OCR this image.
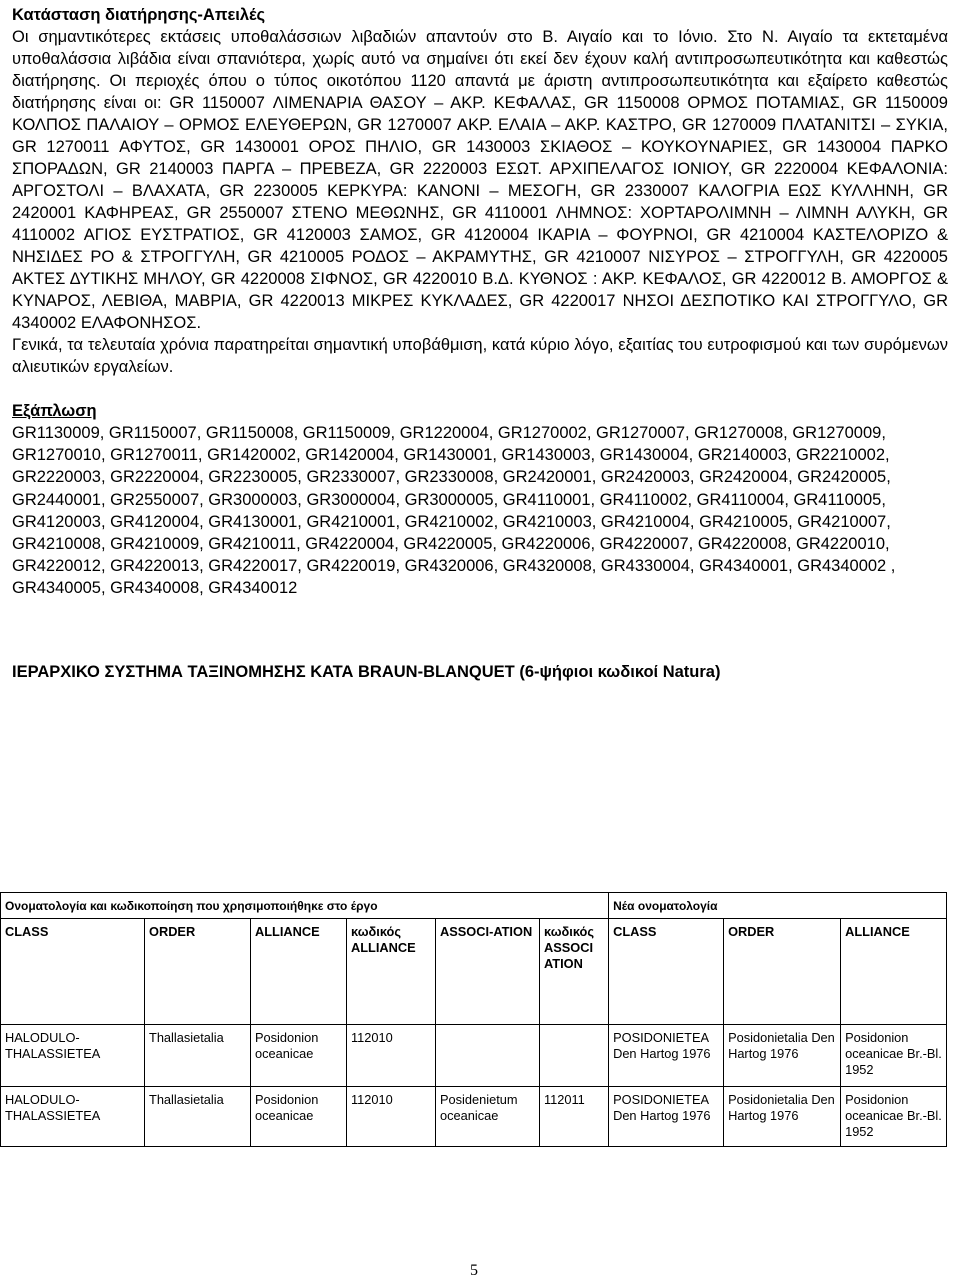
Κατάσταση διατήρησης-Απειλές

Οι σημαντικότερες εκτάσεις υποθαλάσσιων λιβαδιών απαντούν στο Β. Αιγαίο και το Ιόνιο. Στο Ν. Αιγαίο τα εκτεταμένα υποθαλάσσια λιβάδια είναι σπανιότερα, χωρίς αυτό να σημαίνει ότι εκεί δεν έχουν καλή αντιπροσωπευτικότητα και καθεστώς διατήρησης. Οι περιοχές όπου ο τύπος οικοτόπου 1120 απαντά με άριστη αντιπροσωπευτικότητα και εξαίρετο καθεστώς διατήρησης είναι οι: GR 1150007 ΛΙΜΕΝΑΡΙΑ ΘΑΣΟΥ – ΑΚΡ. ΚΕΦΑΛΑΣ, GR 1150008 ΟΡΜΟΣ ΠΟΤΑΜΙΑΣ, GR 1150009 ΚΟΛΠΟΣ ΠΑΛΑΙΟΥ – ΟΡΜΟΣ ΕΛΕΥΘΕΡΩΝ, GR 1270007 ΑΚΡ. ΕΛΑΙΑ – ΑΚΡ. ΚΑΣΤΡΟ, GR 1270009 ΠΛΑΤΑΝΙΤΣΙ – ΣΥΚΙΑ, GR 1270011 ΑΦΥΤΟΣ, GR 1430001 ΟΡΟΣ ΠΗΛΙΟ, GR 1430003 ΣΚΙΑΘΟΣ – ΚΟΥΚΟΥΝΑΡΙΕΣ, GR 1430004 ΠΑΡΚΟ ΣΠΟΡΑΔΩΝ, GR 2140003 ΠΑΡΓΑ – ΠΡΕΒΕΖΑ, GR 2220003 ΕΣΩΤ. ΑΡΧΙΠΕΛΑΓΟΣ ΙΟΝΙΟΥ, GR 2220004 ΚΕΦΑΛΟΝΙΑ: ΑΡΓΟΣΤΟΛΙ – ΒΛΑΧΑΤΑ, GR 2230005 ΚΕΡΚΥΡΑ: ΚΑΝΟΝΙ – ΜΕΣΟΓΗ, GR 2330007 ΚΑΛΟΓΡΙΑ ΕΩΣ ΚΥΛΛΗΝΗ, GR 2420001 ΚΑΦΗΡΕΑΣ, GR 2550007 ΣΤΕΝΟ ΜΕΘΩΝΗΣ, GR 4110001 ΛΗΜΝΟΣ: ΧΟΡΤΑΡΟΛΙΜΝΗ – ΛΙΜΝΗ ΑΛΥΚΗ, GR 4110002 ΑΓΙΟΣ ΕΥΣΤΡΑΤΙΟΣ, GR 4120003 ΣΑΜΟΣ, GR 4120004 ΙΚΑΡΙΑ – ΦΟΥΡΝΟΙ, GR 4210004 ΚΑΣΤΕΛΟΡΙΖΟ & ΝΗΣΙΔΕΣ ΡΟ & ΣΤΡΟΓΓΥΛΗ, GR 4210005 ΡΟΔΟΣ – ΑΚΡΑΜΥΤΗΣ, GR 4210007 ΝΙΣΥΡΟΣ – ΣΤΡΟΓΓΥΛΗ, GR 4220005 ΑΚΤΕΣ ΔΥΤΙΚΗΣ ΜΗΛΟΥ, GR 4220008 ΣΙΦΝΟΣ, GR 4220010 Β.Δ. ΚΥΘΝΟΣ : ΑΚΡ. ΚΕΦΑΛΟΣ, GR 4220012 Β. ΑΜΟΡΓΟΣ & ΚΥΝΑΡΟΣ, ΛΕΒΙΘΑ, ΜΑΒΡΙΑ, GR 4220013 ΜΙΚΡΕΣ ΚΥΚΛΑΔΕΣ, GR 4220017 ΝΗΣΟΙ ΔΕΣΠΟΤΙΚΟ ΚΑΙ ΣΤΡΟΓΓΥΛΟ, GR 4340002 ΕΛΑΦΟΝΗΣΟΣ.

Γενικά, τα τελευταία χρόνια παρατηρείται σημαντική υποβάθμιση, κατά κύριο λόγο, εξαιτίας του ευτροφισμού και των συρόμενων αλιευτικών εργαλείων.

Εξάπλωση

GR1130009, GR1150007, GR1150008, GR1150009, GR1220004, GR1270002, GR1270007, GR1270008, GR1270009, GR1270010, GR1270011, GR1420002, GR1420004, GR1430001, GR1430003, GR1430004, GR2140003, GR2210002, GR2220003, GR2220004, GR2230005, GR2330007, GR2330008, GR2420001, GR2420003, GR2420004, GR2420005, GR2440001, GR2550007, GR3000003, GR3000004, GR3000005, GR4110001, GR4110002, GR4110004, GR4110005, GR4120003, GR4120004, GR4130001, GR4210001, GR4210002, GR4210003, GR4210004, GR4210005, GR4210007, GR4210008, GR4210009, GR4210011, GR4220004, GR4220005, GR4220006, GR4220007, GR4220008, GR4220010, GR4220012, GR4220013, GR4220017, GR4220019, GR4320006, GR4320008, GR4330004, GR4340001, GR4340002 , GR4340005, GR4340008, GR4340012

ΙΕΡΑΡΧΙΚΟ ΣΥΣΤΗΜΑ ΤΑΞΙΝΟΜΗΣΗΣ ΚΑΤΑ BRAUN-BLANQUET (6-ψήφιοι κωδικοί Natura)

Ονοματολογία και κωδικοποίηση που χρησιμοποιήθηκε στο έργο						Νέα ονοματολογία		
CLASS	ORDER	ALLIANCE	κωδικός ALLIANCE	ASSOCI-ATION	κωδικός ASSOCI ATION	CLASS	ORDER	ALLIANCE
HALODULO-THALASSIETEA	Thallasietalia	Posidonion oceanicae	112010			POSIDONIETEA Den Hartog 1976	Posidonietalia Den Hartog 1976	Posidonion oceanicae Br.-Bl. 1952
HALODULO-THALASSIETEA	Thallasietalia	Posidonion oceanicae	112010	Posidenietum oceanicae	112011	POSIDONIETEA Den Hartog 1976	Posidonietalia Den Hartog 1976	Posidonion oceanicae Br.-Bl. 1952
5
